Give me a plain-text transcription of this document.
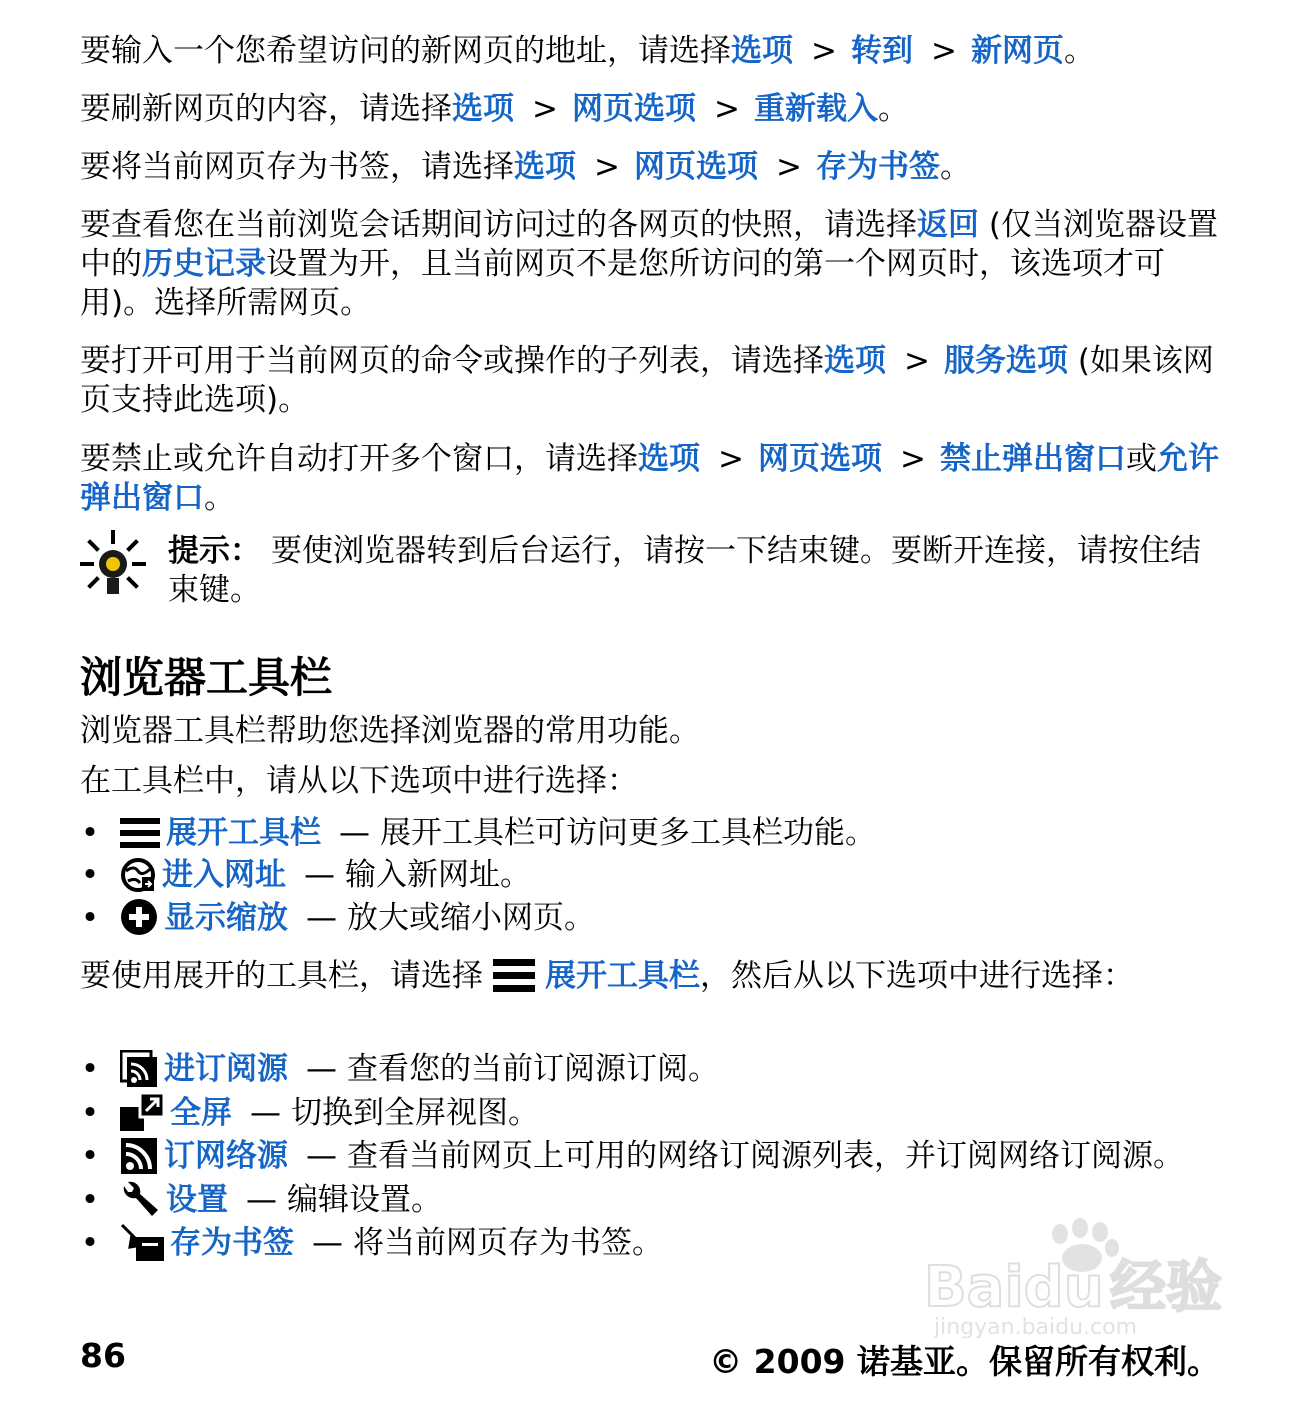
要输入一个您希望访问的新网页的地址，请选择选项 > 转到 > 新网页。

要刷新网页的内容，请选择选项 > 网页选项 > 重新载入。

要将当前网页存为书签，请选择选项 > 网页选项 > 存为书签。

要查看您在当前浏览会话期间访问过的各网页的快照，请选择返回 (仅当浏览器设置中的历史记录设置为开，且当前网页不是您所访问的第一个网页时，该选项才可用)。选择所需网页。

要打开可用于当前网页的命令或操作的子列表，请选择选项 > 服务选项 (如果该网页支持此选项)。

要禁止或允许自动打开多个窗口，请选择选项 > 网页选项 > 禁止弹出窗口或允许弹出窗口。

提示： 要使浏览器转到后台运行，请按一下结束键。要断开连接，请按住结束键。

浏览器工具栏

浏览器工具栏帮助您选择浏览器的常用功能。

在工具栏中，请从以下选项中进行选择：

• 展开工具栏 — 展开工具栏可访问更多工具栏功能。
• 进入网址 — 输入新网址。
• 显示缩放 — 放大或缩小网页。

要使用展开的工具栏，请选择 展开工具栏，然后从以下选项中进行选择：

• 进订阅源 — 查看您的当前订阅源订阅。
• 全屏 — 切换到全屏视图。
• 订网络源 — 查看当前网页上可用的网络订阅源列表，并订阅网络订阅源。
• 设置 — 编辑设置。
• 存为书签 — 将当前网页存为书签。
Baidu 经验
jingyan.baidu.com
86	© 2009 诺基亚。保留所有权利。
